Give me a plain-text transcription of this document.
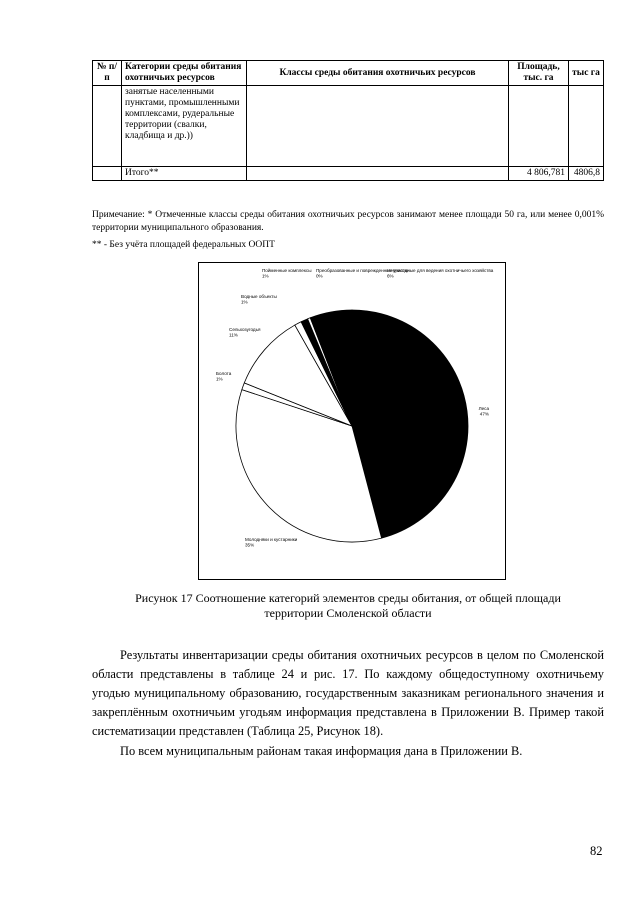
№ п/п	Категории среды обитания охотничьих ресурсов	Классы среды обитания охотничьих ресурсов	Площадь, тыс. га	тыс га
	занятые населенными пунктами, промышленными комплексами, рудеральные территории (свалки, кладбища и др.))			
	Итого**		4 806,781	4806,8
Примечание: * Отмеченные классы среды обитания охотничьих ресурсов занимают менее площади 50 га, или менее 0,001% территории муниципального образования.
** - Без учёта площадей федеральных ООПТ
Леса 47%
Молодняки и кустарники 35%
Болота 1%
Сельхозугодья 11%
Водные объекты 1%
Пойменные комплексы 1%
Преобразованные и поврежденные участки 0%
Непригодные для ведения охотничьего хозяйства 6%
Рисунок 17 Соотношение категорий элементов среды обитания, от общей площади
территории Смоленской области
Результаты инвентаризации среды обитания охотничьих ресурсов в целом по Смоленской области представлены в таблице 24 и рис. 17. По каждому общедоступному охотничьему угодью муниципальному образованию, государственным заказникам регионального значения и закреплённым охотничьим угодьям информация представлена в Приложении В. Пример такой систематизации представлен (Таблица 25, Рисунок 18).
По всем муниципальным районам такая информация дана в Приложении В.
82
